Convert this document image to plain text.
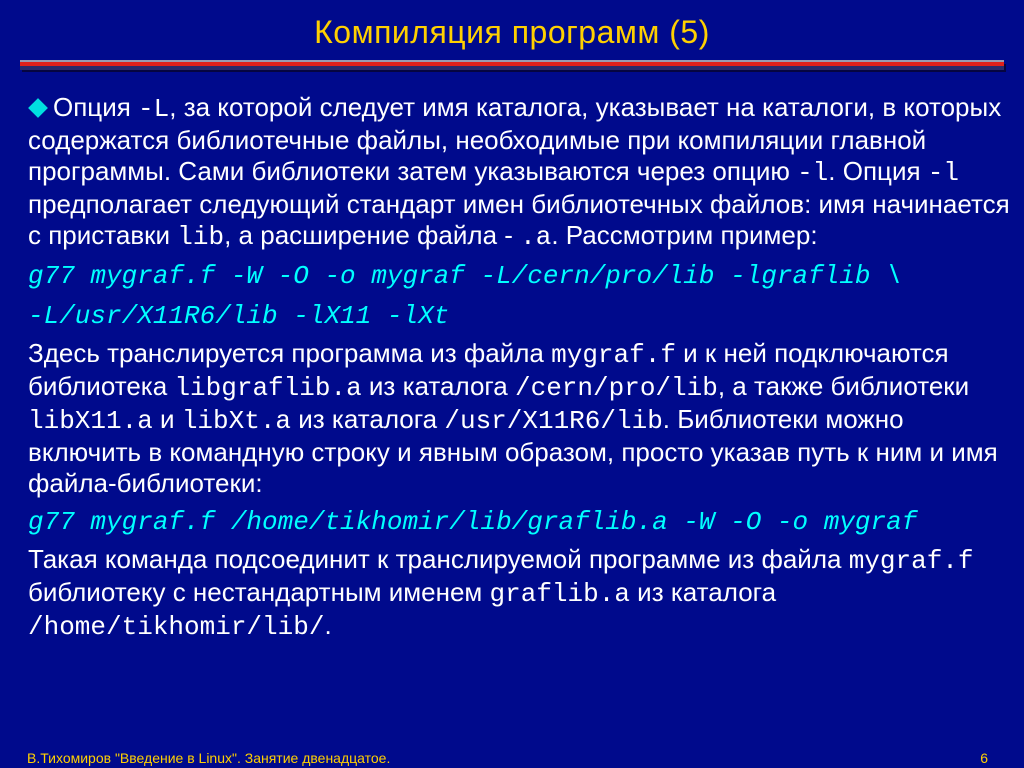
Компиляция программ (5)

Опция -L, за которой следует имя каталога, указывает на каталоги, в которых содержатся библиотечные файлы, необходимые при компиляции главной программы. Сами библиотеки затем указываются через опцию -l. Опция -l предполагает следующий стандарт имен библиотечных файлов: имя начинается с приставки lib, а расширение файла - .a. Рассмотрим пример:

g77 mygraf.f -W -O -o mygraf -L/cern/pro/lib -lgraflib \

-L/usr/X11R6/lib -lX11 -lXt

Здесь транслируется программа из файла mygraf.f и к ней подключаются библиотека libgraflib.a из каталога /cern/pro/lib, а также библиотеки libX11.a и libXt.a из каталога /usr/X11R6/lib. Библиотеки можно включить в командную строку и явным образом, просто указав путь к ним и имя файла-библиотеки:

g77 mygraf.f /home/tikhomir/lib/graflib.a -W -O -o mygraf

Такая команда подсоединит к транслируемой программе из файла mygraf.f библиотеку с нестандартным именем graflib.a из каталога /home/tikhomir/lib/.

В.Тихомиров "Введение в Linux". Занятие двенадцатое.	6
